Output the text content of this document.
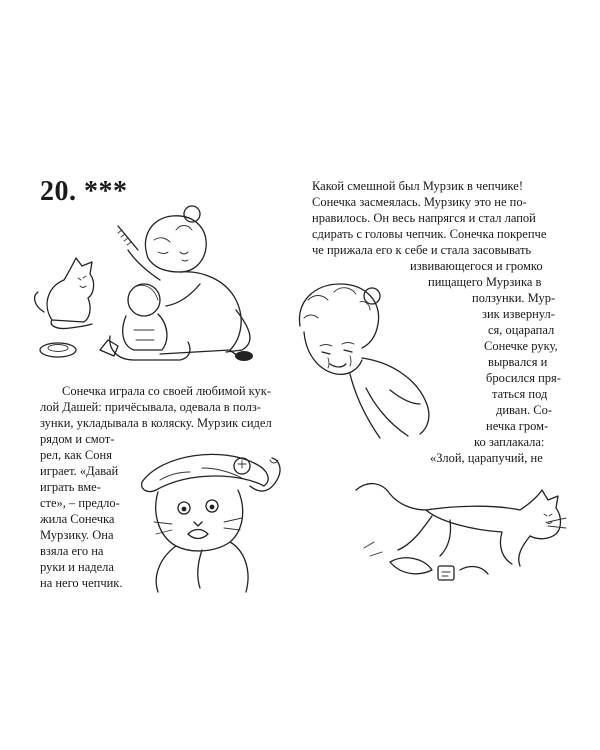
20. ***
Сонечка играла со своей любимой кук-
лой Дашей: причёсывала, одевала в полз-
зунки, укладывала в коляску. Мурзик сидел
рядом и смот-
рел, как Соня
играет. «Давай
играть вме-
сте», – предло-
жила Сонечка
Мурзику. Она
взяла его на
руки и надела
на него чепчик.
Какой смешной был Мурзик в чепчике!
Сонечка засмеялась. Мурзику это не по-
нравилось. Он весь напрягся и стал лапой
сдирать с головы чепчик. Сонечка покрепче
че прижала его к себе и стала засовывать
извивающегося и громко
пищащего Мурзика в
ползунки. Мур-
зик извернул-
ся, оцарапал
Сонечке руку,
вырвался и
бросился пря-
таться под
диван. Со-
нечка гром-
ко заплакала:
«Злой, царапучий, не
